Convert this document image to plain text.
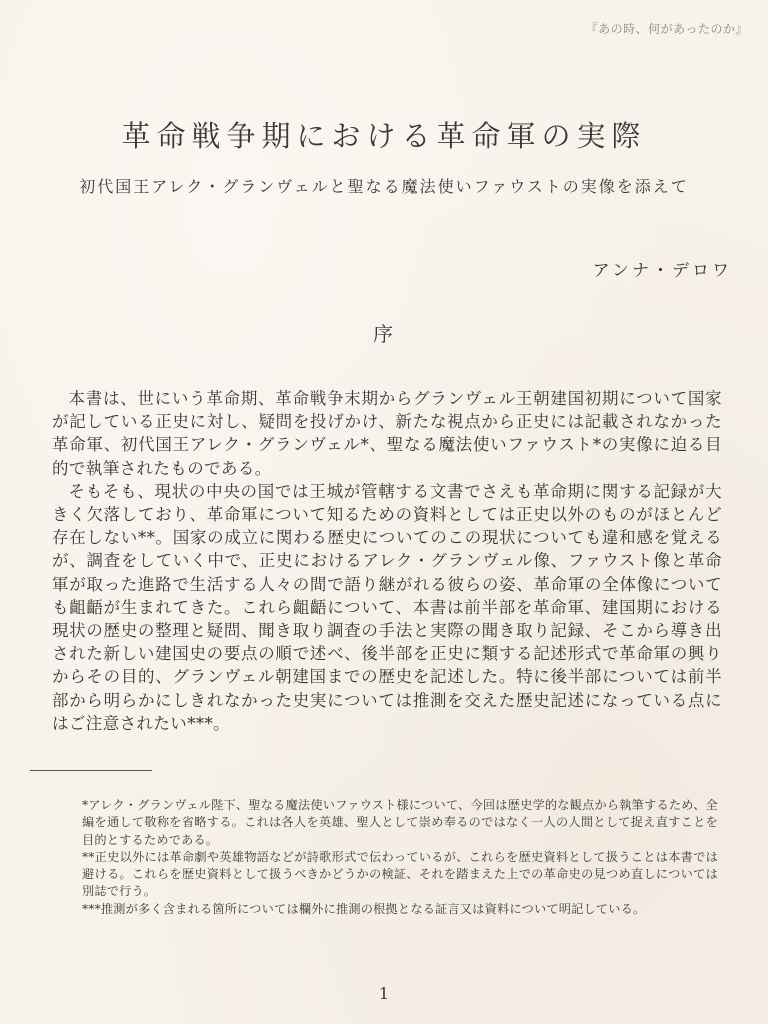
『あの時、何があったのか』
革命戦争期における革命軍の実際
初代国王アレク・グランヴェルと聖なる魔法使いファウストの実像を添えて
アンナ・デロワ
序

本書は、世にいう革命期、革命戦争末期からグランヴェル王朝建国初期について国家が記している正史に対し、疑問を投げかけ、新たな視点から正史には記載されなかった革命軍、初代国王アレク・グランヴェル*、聖なる魔法使いファウスト*の実像に迫る目的で執筆されたものである。

そもそも、現状の中央の国では王城が管轄する文書でさえも革命期に関する記録が大きく欠落しており、革命軍について知るための資料としては正史以外のものがほとんど存在しない**。国家の成立に関わる歴史についてのこの現状についても違和感を覚えるが、調査をしていく中で、正史におけるアレク・グランヴェル像、ファウスト像と革命軍が取った進路で生活する人々の間で語り継がれる彼らの姿、革命軍の全体像についても齟齬が生まれてきた。これら齟齬について、本書は前半部を革命軍、建国期における現状の歴史の整理と疑問、聞き取り調査の手法と実際の聞き取り記録、そこから導き出された新しい建国史の要点の順で述べ、後半部を正史に類する記述形式で革命軍の興りからその目的、グランヴェル朝建国までの歴史を記述した。特に後半部については前半部から明らかにしきれなかった史実については推測を交えた歴史記述になっている点にはご注意されたい***。

*アレク・グランヴェル陛下、聖なる魔法使いファウスト様について、今回は歴史学的な観点から執筆するため、全編を通して敬称を省略する。これは各人を英雄、聖人として崇め奉るのではなく一人の人間として捉え直すことを目的とするためである。

**正史以外には革命劇や英雄物語などが詩歌形式で伝わっているが、これらを歴史資料として扱うことは本書では避ける。これらを歴史資料として扱うべきかどうかの検証、それを踏まえた上での革命史の見つめ直しについては別誌で行う。

***推測が多く含まれる箇所については欄外に推測の根拠となる証言又は資料について明記している。

1
